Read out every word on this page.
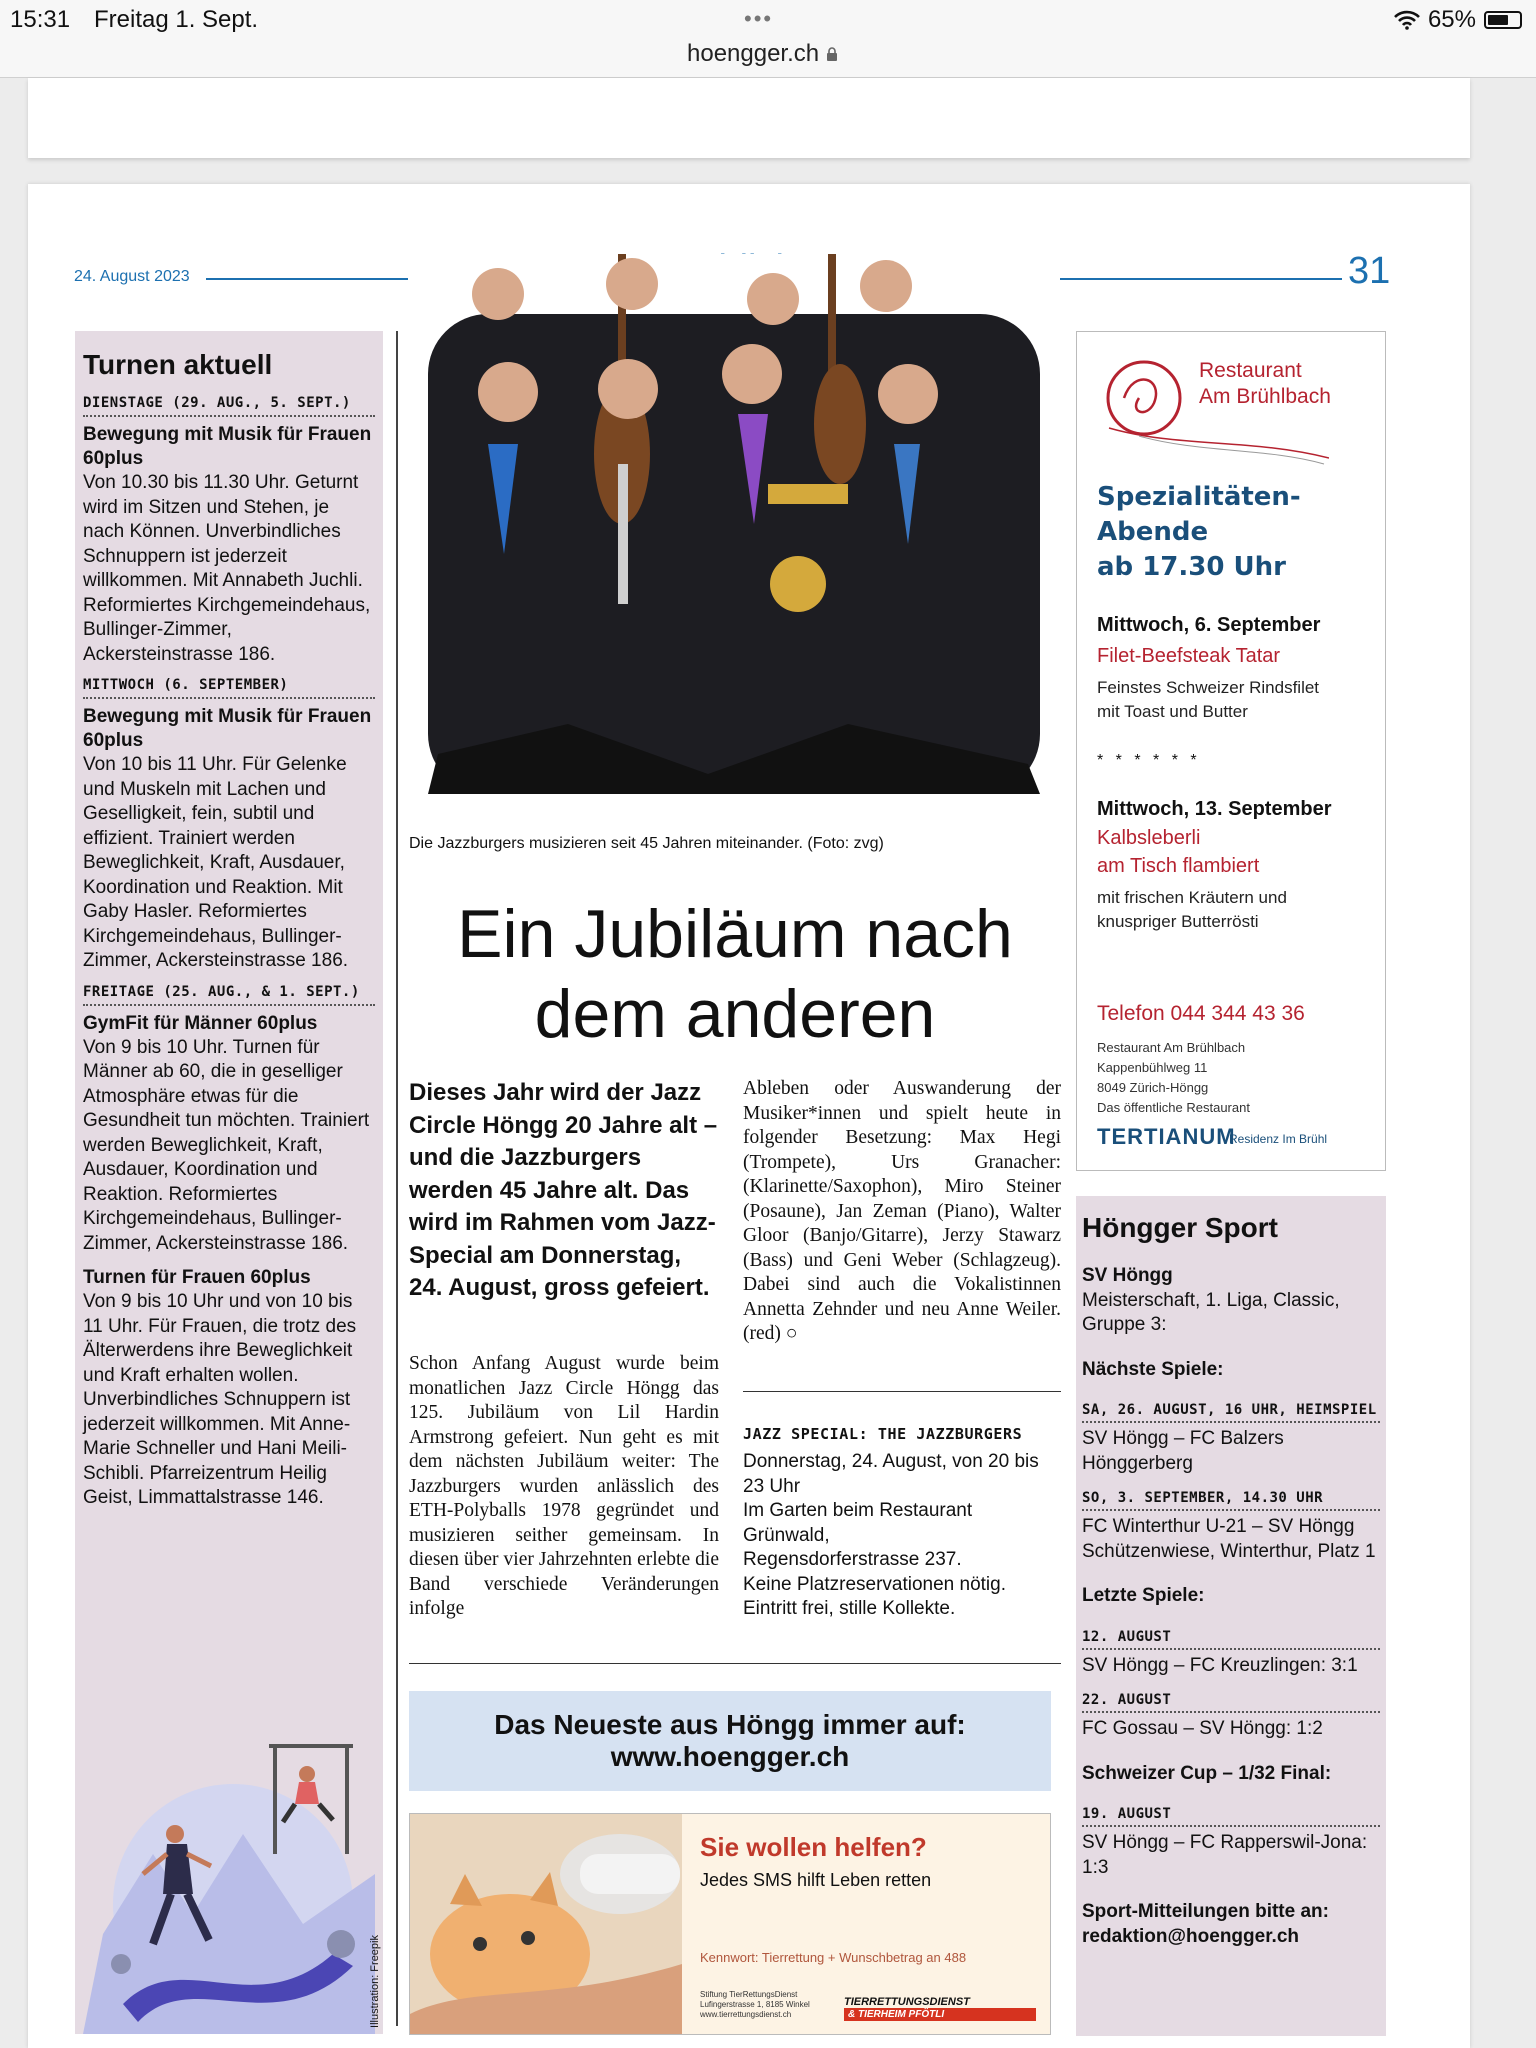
15:31 Freitag 1. Sept.	•••
hoengger.ch
65%
24. August 2023	31
Turnen aktuell
DIENSTAGE (29. AUG., 5. SEPT.)
Bewegung mit Musik für Frauen 60plus
Von 10.30 bis 11.30 Uhr. Geturnt wird im Sitzen und Stehen, je nach Können. Unverbindliches Schnuppern ist jederzeit willkommen. Mit Annabeth Juchli. Reformiertes Kirchgemeindehaus, Bullinger-Zimmer, Ackersteinstrasse 186.
MITTWOCH (6. SEPTEMBER)
Bewegung mit Musik für Frauen 60plus
Von 10 bis 11 Uhr. Für Gelenke und Muskeln mit Lachen und Geselligkeit, fein, subtil und effizient. Trainiert werden Beweglichkeit, Kraft, Ausdauer, Koordination und Reaktion. Mit Gaby Hasler. Reformiertes Kirchgemeindehaus, Bullinger-Zimmer, Ackersteinstrasse 186.
FREITAGE (25. AUG., & 1. SEPT.)
GymFit für Männer 60plus
Von 9 bis 10 Uhr. Turnen für Männer ab 60, die in geselliger Atmosphäre etwas für die Gesundheit tun möchten. Trainiert werden Beweglichkeit, Kraft, Ausdauer, Koordination und Reaktion. Reformiertes Kirchgemeindehaus, Bullinger-Zimmer, Ackersteinstrasse 186.
Turnen für Frauen 60plus
Von 9 bis 10 Uhr und von 10 bis 11 Uhr. Für Frauen, die trotz des Älterwerdens ihre Beweglichkeit und Kraft erhalten wollen. Unverbindliches Schnuppern ist jederzeit willkommen. Mit Anne-Marie Schneller und Hani Meili-Schibli. Pfarreizentrum Heilig Geist, Limmattalstrasse 146.
Illustration: Freepik
Die Jazzburgers musizieren seit 45 Jahren miteinander. (Foto: zvg)
Ein Jubiläum nach dem anderen
Dieses Jahr wird der Jazz Circle Höngg 20 Jahre alt – und die Jazzburgers werden 45 Jahre alt. Das wird im Rahmen vom Jazz-Special am Donnerstag, 24. August, gross gefeiert.
Schon Anfang August wurde beim monatlichen Jazz Circle Höngg das 125. Jubiläum von Lil Hardin Armstrong gefeiert. Nun geht es mit dem nächsten Jubiläum weiter: The Jazzburgers wurden anlässlich des ETH-Polyballs 1978 gegründet und musizieren seither gemeinsam. In diesen über vier Jahrzehnten erlebte die Band verschiede Veränderungen infolge
Ableben oder Auswanderung der Musiker*innen und spielt heute in folgender Besetzung: Max Hegi (Trompete), Urs Granacher: (Klarinette/Saxophon), Miro Steiner (Posaune), Jan Zeman (Piano), Walter Gloor (Banjo/Gitarre), Jerzy Stawarz (Bass) und Geni Weber (Schlagzeug). Dabei sind auch die Vokalistinnen Annetta Zehnder und neu Anne Weiler. (red) ○
JAZZ SPECIAL: THE JAZZBURGERS
Donnerstag, 24. August, von 20 bis 23 Uhr
Im Garten beim Restaurant Grünwald,
Regensdorferstrasse 237.
Keine Platzreservationen nötig.
Eintritt frei, stille Kollekte.
Das Neueste aus Höngg immer auf:
www.hoengger.ch
Sie wollen helfen?
Jedes SMS hilft Leben retten
Kennwort: Tierrettung + Wunschbetrag an 488
Stiftung TierRettungsDienst
Lufingerstrasse 1, 8185 Winkel
www.tierrettungsdienst.ch
TIERRETTUNGSDIENST
& TIERHEIM PFÖTLI
Restaurant
Am Brühlbach
Spezialitäten-
Abende
ab 17.30 Uhr
Mittwoch, 6. September
Filet-Beefsteak Tatar
Feinstes Schweizer Rindsfilet
mit Toast und Butter
* * * * * *
Mittwoch, 13. September
Kalbsleberli
am Tisch flambiert
mit frischen Kräutern und
knuspriger Butterrösti
Telefon 044 344 43 36
Restaurant Am Brühlbach
Kappenbühlweg 11
8049 Zürich-Höngg
Das öffentliche Restaurant
TERTIANUM
Residenz Im Brühl
Höngger Sport
SV Höngg
Meisterschaft, 1. Liga, Classic, Gruppe 3:
Nächste Spiele:
SA, 26. AUGUST, 16 UHR, HEIMSPIEL
SV Höngg – FC Balzers Hönggerberg
SO, 3. SEPTEMBER, 14.30 UHR
FC Winterthur U-21 – SV Höngg Schützenwiese, Winterthur, Platz 1
Letzte Spiele:
12. AUGUST
SV Höngg – FC Kreuzlingen: 3:1
22. AUGUST
FC Gossau – SV Höngg: 1:2
Schweizer Cup – 1/32 Final:
19. AUGUST
SV Höngg – FC Rapperswil-Jona: 1:3
Sport-Mitteilungen bitte an:
redaktion@hoengger.ch
